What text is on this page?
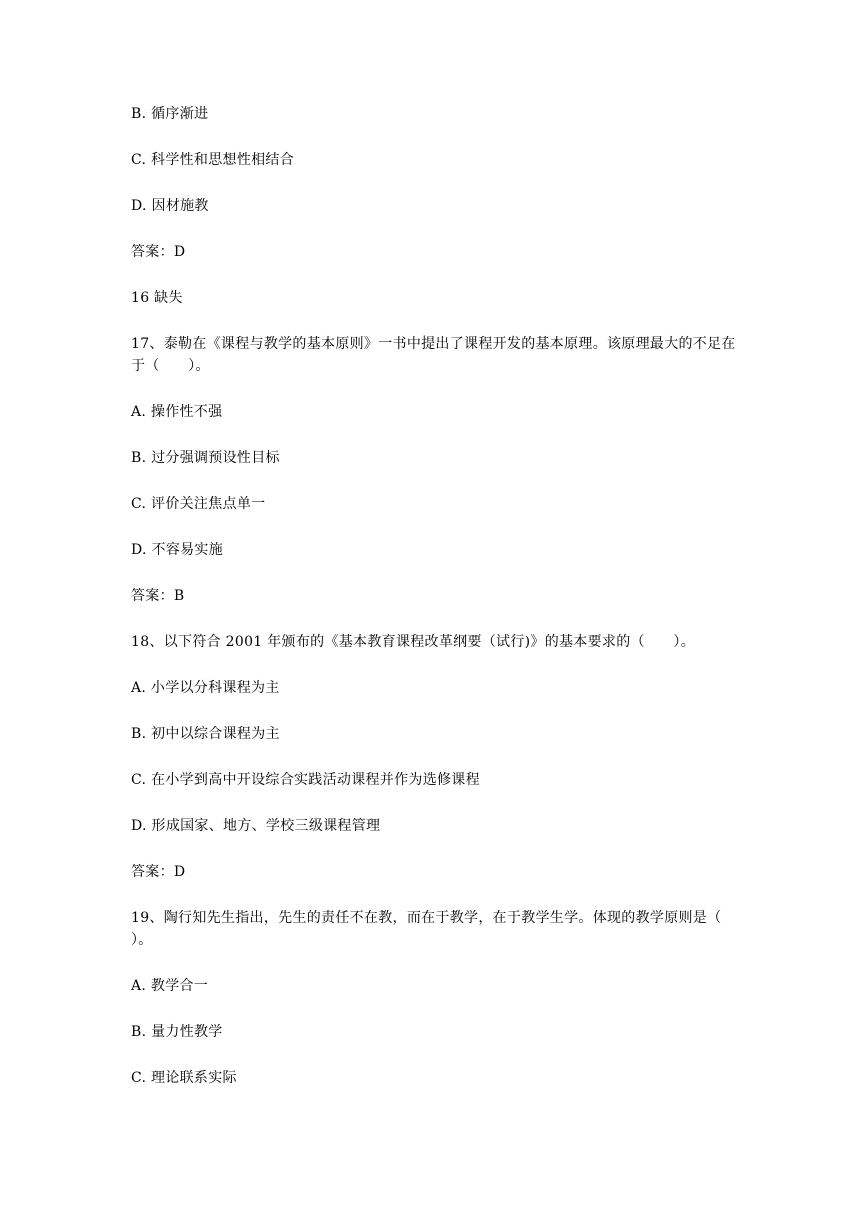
B. 循序渐进

C. 科学性和思想性相结合

D. 因材施教

答案：D

16 缺失

17、泰勒在《课程与教学的基本原则》一书中提出了课程开发的基本原理。该原理最大的不足在于（　　）。

A. 操作性不强

B. 过分强调预设性目标

C. 评价关注焦点单一

D. 不容易实施

答案：B

18、以下符合 2001 年颁布的《基本教育课程改革纲要（试行)》的基本要求的（　　）。

A. 小学以分科课程为主

B. 初中以综合课程为主

C. 在小学到高中开设综合实践活动课程并作为选修课程

D. 形成国家、地方、学校三级课程管理

答案：D

19、陶行知先生指出，先生的责任不在教，而在于教学，在于教学生学。体现的教学原则是（　　）。

A. 教学合一

B. 量力性教学

C. 理论联系实际
